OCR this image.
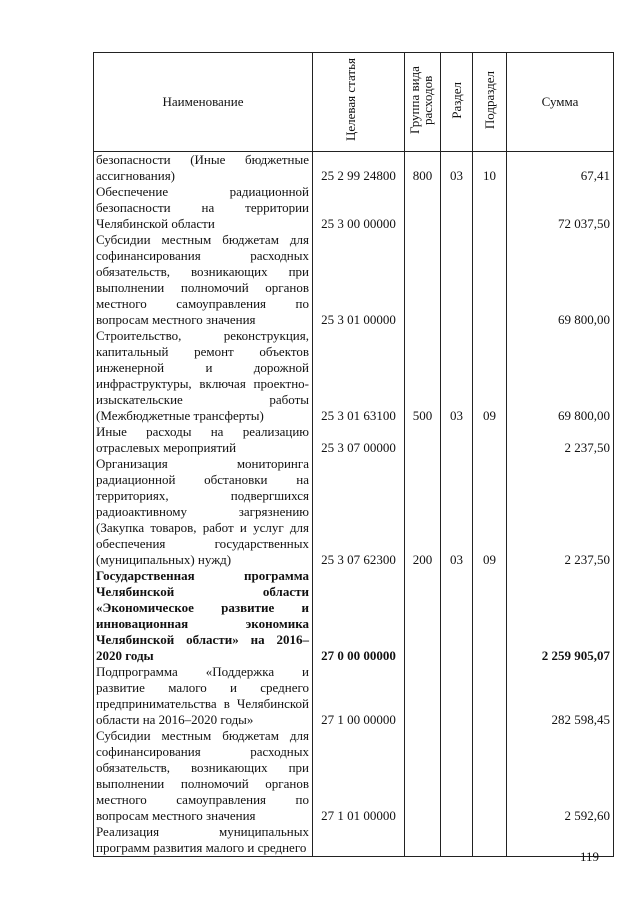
Наименование	Целевая статья	Группа вида расходов	Раздел	Подраздел	Сумма
безопасности (Иные бюджетные ассигнования)	25 2 99 24800	800	03	10	67,41
Обеспечение радиационной безопасности на территории Челябинской области	25 3 00 00000				72 037,50
Субсидии местным бюджетам для софинансирования расходных обязательств, возникающих при выполнении полномочий органов местного самоуправления по вопросам местного значения	25 3 01 00000				69 800,00
Строительство, реконструкция, капитальный ремонт объектов инженерной и дорожной инфраструктуры, включая проектно-изыскательские работы (Межбюджетные трансферты)	25 3 01 63100	500	03	09	69 800,00
Иные расходы на реализацию отраслевых мероприятий	25 3 07 00000				2 237,50
Организация мониторинга радиационной обстановки на территориях, подвергшихся радиоактивному загрязнению (Закупка товаров, работ и услуг для обеспечения государственных (муниципальных) нужд)	25 3 07 62300	200	03	09	2 237,50
Государственная программа Челябинской области «Экономическое развитие и инновационная экономика Челябинской области» на 2016–2020 годы	27 0 00 00000				2 259 905,07
Подпрограмма «Поддержка и развитие малого и среднего предпринимательства в Челябинской области на 2016–2020 годы»	27 1 00 00000				282 598,45
Субсидии местным бюджетам для софинансирования расходных обязательств, возникающих при выполнении полномочий органов местного самоуправления по вопросам местного значения	27 1 01 00000				2 592,60
Реализация муниципальных программ развития малого и среднего					
119
